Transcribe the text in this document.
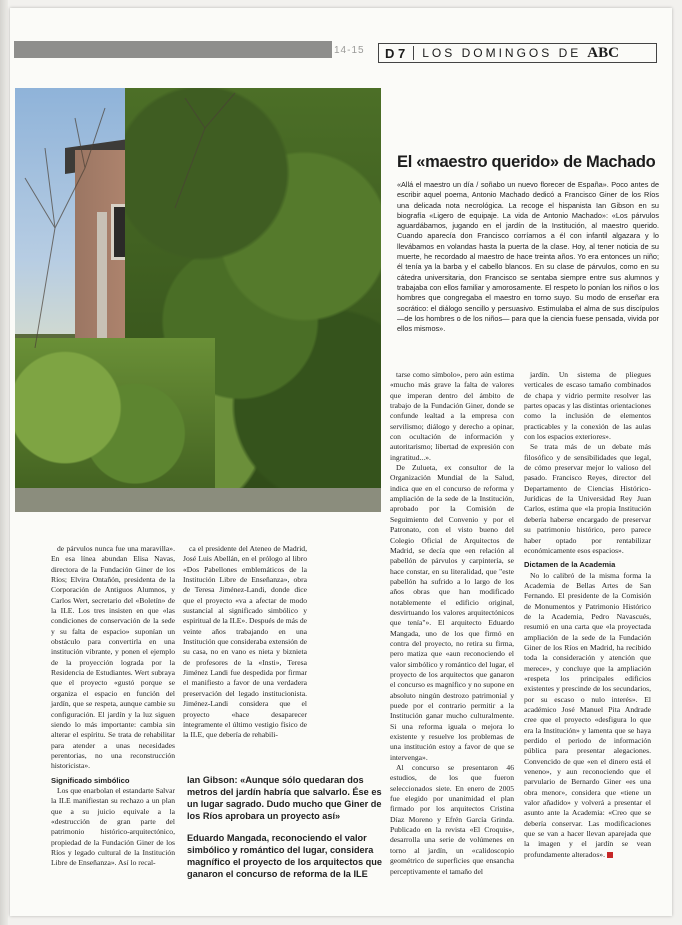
14-15 D 7 LOS DOMINGOS DE ABC
El «maestro querido» de Machado
«Allá el maestro un día / soñabo un nuevo florecer de España». Poco antes de escribir aquel poema, Antonio Machado dedicó a Francisco Giner de los Ríos una delicada nota necrológica. La recoge el hispanista Ian Gibson en su biografía «Ligero de equipaje. La vida de Antonio Machado»: «Los párvulos aguardábamos, jugando en el jardín de la Institución, al maestro querido. Cuando aparecía don Francisco corríamos a él con infantil algazara y lo llevábamos en volandas hasta la puerta de la clase. Hoy, al tener noticia de su muerte, he recordado al maestro de hace treinta años. Yo era entonces un niño; él tenía ya la barba y el cabello blancos. En su clase de párvulos, como en su cátedra universitaria, don Francisco se sentaba siempre entre sus alumnos y trabajaba con ellos familiar y amorosamente. El respeto lo ponían los niños o los hombres que congregaba el maestro en torno suyo. Su modo de enseñar era socrático: el diálogo sencillo y persuasivo. Estimulaba el alma de sus discípulos —de los hombres o de los niños— para que la ciencia fuese pensada, vivida por ellos mismos».

de párvulos nunca fue una maravilla». En esa línea abundan Elisa Navas, directora de la Fundación Giner de los Ríos; Elvira Ontañón, presidenta de la Corporación de Antiguos Alumnos, y Carlos Wert, secretario del «Boletín» de la ILE. Los tres insisten en que «las condiciones de conservación de la sede y su falta de espacio» suponían un obstáculo para convertirla en una institución vibrante, y ponen el ejemplo de la proyección lograda por la Residencia de Estudiantes. Wert subraya que el proyecto «gustó porque se organiza el espacio en función del jardín, que se respeta, aunque cambie su configuración. El jardín y la luz siguen siendo lo más importante: cambia sin alterar el espíritu. Se trata de rehabilitar para atender a unas necesidades perentorias, no una reconstrucción historicista».

Significado simbólico

Los que enarbolan el estandarte Salvar la ILE manifiestan su rechazo a un plan que a su juicio equivale a la «destrucción de gran parte del patrimonio histórico-arquitectónico, propiedad de la Fundación Giner de los Ríos y legado cultural de la Institución Libre de Enseñanza». Así lo recal-

ca el presidente del Ateneo de Madrid, José Luis Abellán, en el prólogo al libro «Dos Pabellones emblemáticos de la Institución Libre de Enseñanza», obra de Teresa Jiménez-Landi, donde dice que el proyecto «va a afectar de modo sustancial al significado simbólico y espiritual de la ILE». Después de más de veinte años trabajando en una Institución que consideraba extensión de su casa, no en vano es nieta y biznieta de profesores de la «Insti», Teresa Jiménez Landi fue despedida por firmar el manifiesto a favor de una verdadera preservación del legado institucionista. Jiménez-Landi considera que el proyecto «hace desaparecer íntegramente el último vestigio físico de la ILE, que debería de rehabili-

Ian Gibson: «Aunque sólo quedaran dos metros del jardín habría que salvarlo. Ése es un lugar sagrado. Dudo mucho que Giner de los Ríos aprobara un proyecto así»
Eduardo Mangada, reconociendo el valor simbólico y romántico del lugar, considera magnífico el proyecto de los arquitectos que ganaron el concurso de reforma de la ILE

tarse como símbolo», pero aún estima «mucho más grave la falta de valores que imperan dentro del ámbito de trabajo de la Fundación Giner, donde se confunde lealtad a la empresa con servilismo; diálogo y derecho a opinar, con ocultación de información y autoritarismo; libertad de expresión con ingratitud...».

De Zulueta, ex consultor de la Organización Mundial de la Salud, indica que en el concurso de reforma y ampliación de la sede de la Institución, aprobado por la Comisión de Seguimiento del Convenio y por el Patronato, con el visto bueno del Colegio Oficial de Arquitectos de Madrid, se decía que «en relación al pabellón de párvulos y carpintería, se hace constar, en su literalidad, que "este pabellón ha sufrido a lo largo de los años obras que han modificado notablemente el edificio original, desvirtuando los valores arquitectónicos que tenía"». El arquitecto Eduardo Mangada, uno de los que firmó en contra del proyecto, no retira su firma, pero matiza que «aun reconociendo el valor simbólico y romántico del lugar, el proyecto de los arquitectos que ganaron el concurso es magnífico y no supone en absoluto ningún destrozo patrimonial y puede por el contrario permitir a la Institución ganar mucho culturalmente. Si una reforma iguala o mejora lo existente y resuelve los problemas de una institución estoy a favor de que se intervenga».

Al concurso se presentaron 46 estudios, de los que fueron seleccionados siete. En enero de 2005 fue elegido por unanimidad el plan firmado por los arquitectos Cristina Díaz Moreno y Efrén García Grinda. Publicado en la revista «El Croquis», desarrolla una serie de volúmenes en torno al jardín, un «calidoscopio geométrico de superficies que ensancha perceptivamente el tamaño del

jardín. Un sistema de pliegues verticales de escaso tamaño combinados de chapa y vidrio permite resolver las partes opacas y las distintas orientaciones como la inclusión de elementos practicables y la conexión de las aulas con los espacios exteriores».

Se trata más de un debate más filosófico y de sensibilidades que legal, de cómo preservar mejor lo valioso del pasado. Francisco Reyes, director del Departamento de Ciencias Histórico-Jurídicas de la Universidad Rey Juan Carlos, estima que «la propia Institución debería haberse encargado de preservar su patrimonio histórico, pero parece haber optado por rentabilizar económicamente esos espacios».

Dictamen de la Academia

No lo calibró de la misma forma la Academia de Bellas Artes de San Fernando. El presidente de la Comisión de Monumentos y Patrimonio Histórico de la Academia, Pedro Navascués, resumió en una carta que «la proyectada ampliación de la sede de la Fundación Giner de los Ríos en Madrid, ha recibido toda la consideración y atención que merece», y concluye que la ampliación «respeta los principales edificios existentes y prescinde de los secundarios, por su escaso o nulo interés». El académico José Manuel Pita Andrade cree que el proyecto «desfigura lo que era la Institución» y lamenta que se haya perdido el periodo de información pública para presentar alegaciones. Convencido de que «en el dinero está el veneno», y aun reconociendo que el parvulario de Bernardo Giner «es una obra menor», considera que «tiene un valor añadido» y volverá a presentar el asunto ante la Academia: «Creo que se debería conservar. Las modificaciones que se van a hacer llevan aparejada que la imagen y el jardín se vean profundamente alterados».
